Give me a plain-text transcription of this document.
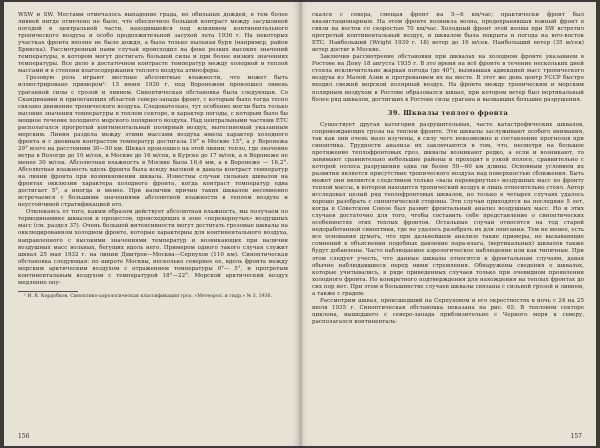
WSW и SW. Местами отмечалось выпадение града, но обильных дождей, в тем более ливней нигде отмечено не было, что обеспечило большой контраст между засушливой погодой в центральной части, находившейся под влиянием континентального тропического воздуха и особо продолжительной засухой лета 1936 г. На некоторых участках фронта вполне не было дождя, а была только пыльная буря (например, район Брянска). Рассмотренный нами случай происходил на фоне резких высоких значений температуры, в котором могут достигать большой силы и при более низких значениях температуры. Все дело в достаточном контрасте температур между холодной и теплой массами и в степени влагосодержания теплого воздуха атмосферы.

Грозовую роль играют местные абсолютные влажности, что может быть иллюстрировано примером¹: 15 июня 1930 г. под Воронежем произошел ливень ураганной силы с грозой и ливнем. Синоптическая обстановка была следующая. Со Скандинавии и прилегающих областей северо-запада фронт, с которым было тогда тесно связано движение тропического воздуха. Следовательно, тут особенно могли быть только высокие значения температуры в теплом секторе, и характер погоды, с которым было бы мощное течение холодного морского полярного воздуха. Над центральными частями ЕТС располагался прогретый континентальный полярный воздух, вытесняемый указанным морским. Линия раздела между этими массами воздуха имела характер холодного фронта и с дневным контрастом температур достигала 19° в Москве 15°, а у Воронежа 29° всего на расстоянии 30—50 км. Шквал произошел на этой линии; тепло, где значение ветра в Вологде до 10 м/сек, в Москве до 16 м/сек, в Курске до 17 м/сек, а в Воронеже не менее 30 м/сек. Абсолютная влажность в Москве была 10,4 мм, а в Воронеже — 16,2°. Абсолютная влажность вдоль фронта была всюду высокой и давала контраст температур на линии фронта при возникновении шквала. Известны случаи сильных шквалов на фронтах окклюзии характера холодного фронта, когда контраст температур едва достигает 5°, а иногда и менее. При наличии причин таких шквалов несомненно встречаемся с большими значениями абсолютной влажности в теплом воздухе и неустойчивой стратификацией его.

Отвлекаясь от того, каким образом действует абсолютная влажность, мы получаем по термодинамике шквалов и процессов, происходящих в зоне «перевернутых» воздушных масс (см. раздел 37). Очень большой интенсивности могут достигать грозовые шквалы на окклюдированном холодном фронте, которые характерны для континентального воздуха, направленного с высокими значениями температур и возникающих при наличии воздушных масс вольных, бегущих вдоль него. Примером одного такого случая служит шквал 25 мая 1932 г. на линии Дмитров—Москва—Серпухов (110 км). Синоптическая обстановка следующая: по широте Москвы, несколько севернее ее, вдоль фронта между морским арктическим воздухом с отражением температуры 0°— 5°, и прогретым континентальным воздухом с температурой 18°—22°. Морской арктический воздух медленно опу-

¹ И. В. Кордобков, Синоптико-аэрологическая классификация гроз. «Метеорол. и гидр.» № 3, 1936.
156

скался с севера, смещая фронт на 5—6 км/час; практически фронт был квазистационарным. На этом фронте возникла волна, предохранявшая южный фронт в связи на восток со скоростью 70 км/час. Холодный фронт этой волны при SW встретил прогретый континентальный воздух, и шквалом была покрыта и погода на юго-восток ЕТС. Наибольший (Wright 1939 г. 18) ветер до 16 м/сек. Наибольший ветер (35 м/сек) ветер достиг в Москве.

Заключив рассмотрение обстановки при шквалах на холодном фронте указанием в Ростове на Дону 18 августа 1935 г. В это время на всё фронте в течение нескольких дней стояла исключительно жаркая погода (до 40°), вызвавшая адвекцией масс тропического воздуха из Малой Азии и прогреванием их на месте. В этот же день центр УССР быстро входил свежий морской полярный воздух. На фронте между тропическим и морским полярным воздухом в Ростове образовался шквал, при котором ветер был вертикальный более ряд шквалов, достигших в Ростове силы урагана и вызвавших большие разрушения.

39. Шквалы теплого фронта

Существует другая категория разрушительных, часто катастрофических шквалов, сопровождающих грозы на теплом фронте. Эти шквалы заслуживают особого внимания, так как они очень мало изучены, в силу чего невозможно и составление прогнозов при синоптика. Трудности анализа их заключаются в том, что, несмотря на большое протяжение теплофронтовых гроз, шквалы возникают редко, а если и возникают, то занимают сравнительно небольшие районы и проходят в узкой полосе, сравнительно с которой полоса разрушения едва ли более 50—60 км длины. Основным условием их развития является присутствие тропического воздуха над поверхностью сближения. Быть может они являются следствием только «вала перевернутых» воздушных масс по фронту теплой массы, в котором находится тропический воздух и лишь относительно стоял. Автор исследовал целый ряд теплофронтовых шквалов, но только в четырех случаях удалось хорошо разобрать с синоптической стороны. Эти случаи приходятся на последние 5 лет, когда в Советском Союзе был развит фронтальный анализ воздушных масс. Но и этих случаев достаточно для того, чтобы составить себе представление о синоптических особенностях этих теплых фронтов. Остальные случаи относятся на год старой недоработанной синоптики, где не удалось разобрать их для описания. Тем не менее, есть все основания думать, что при дальнейшем анализе такие примеры, не вызывающие сомнений в объяснении подобных давление пара-влага, (вертикальных) шквалов также будут добавлены. Часто наблюдаемое аэрологическое наблюдение или как типичные. При этом следует учесть, что данные шквалы относятся к фронтальным случаям, давая обычно наблюдавшиеся перед ними стремления. Обнаружены сведения о шквалах, которые учитывались, в ряде приведенных случаев только при очевидном проявлении холодного фронта. Но конкретного подтверждения для нахождения на теплых фронтах до сих пор нет. При этом в большинстве случаев шквалы связаны с сильной грозой и ливнем, а также с градом.

Рассмотрим шквал, происшедший на Серпуховом и его окрестностях в ночь с 24 на 25 июля 1935 г. Синоптическая обстановка показана на рис. 65. В тепловом секторе циклона, вышедшего с северо-запада приблизительно с Черного моря к северу, располагался континенталь-

157
